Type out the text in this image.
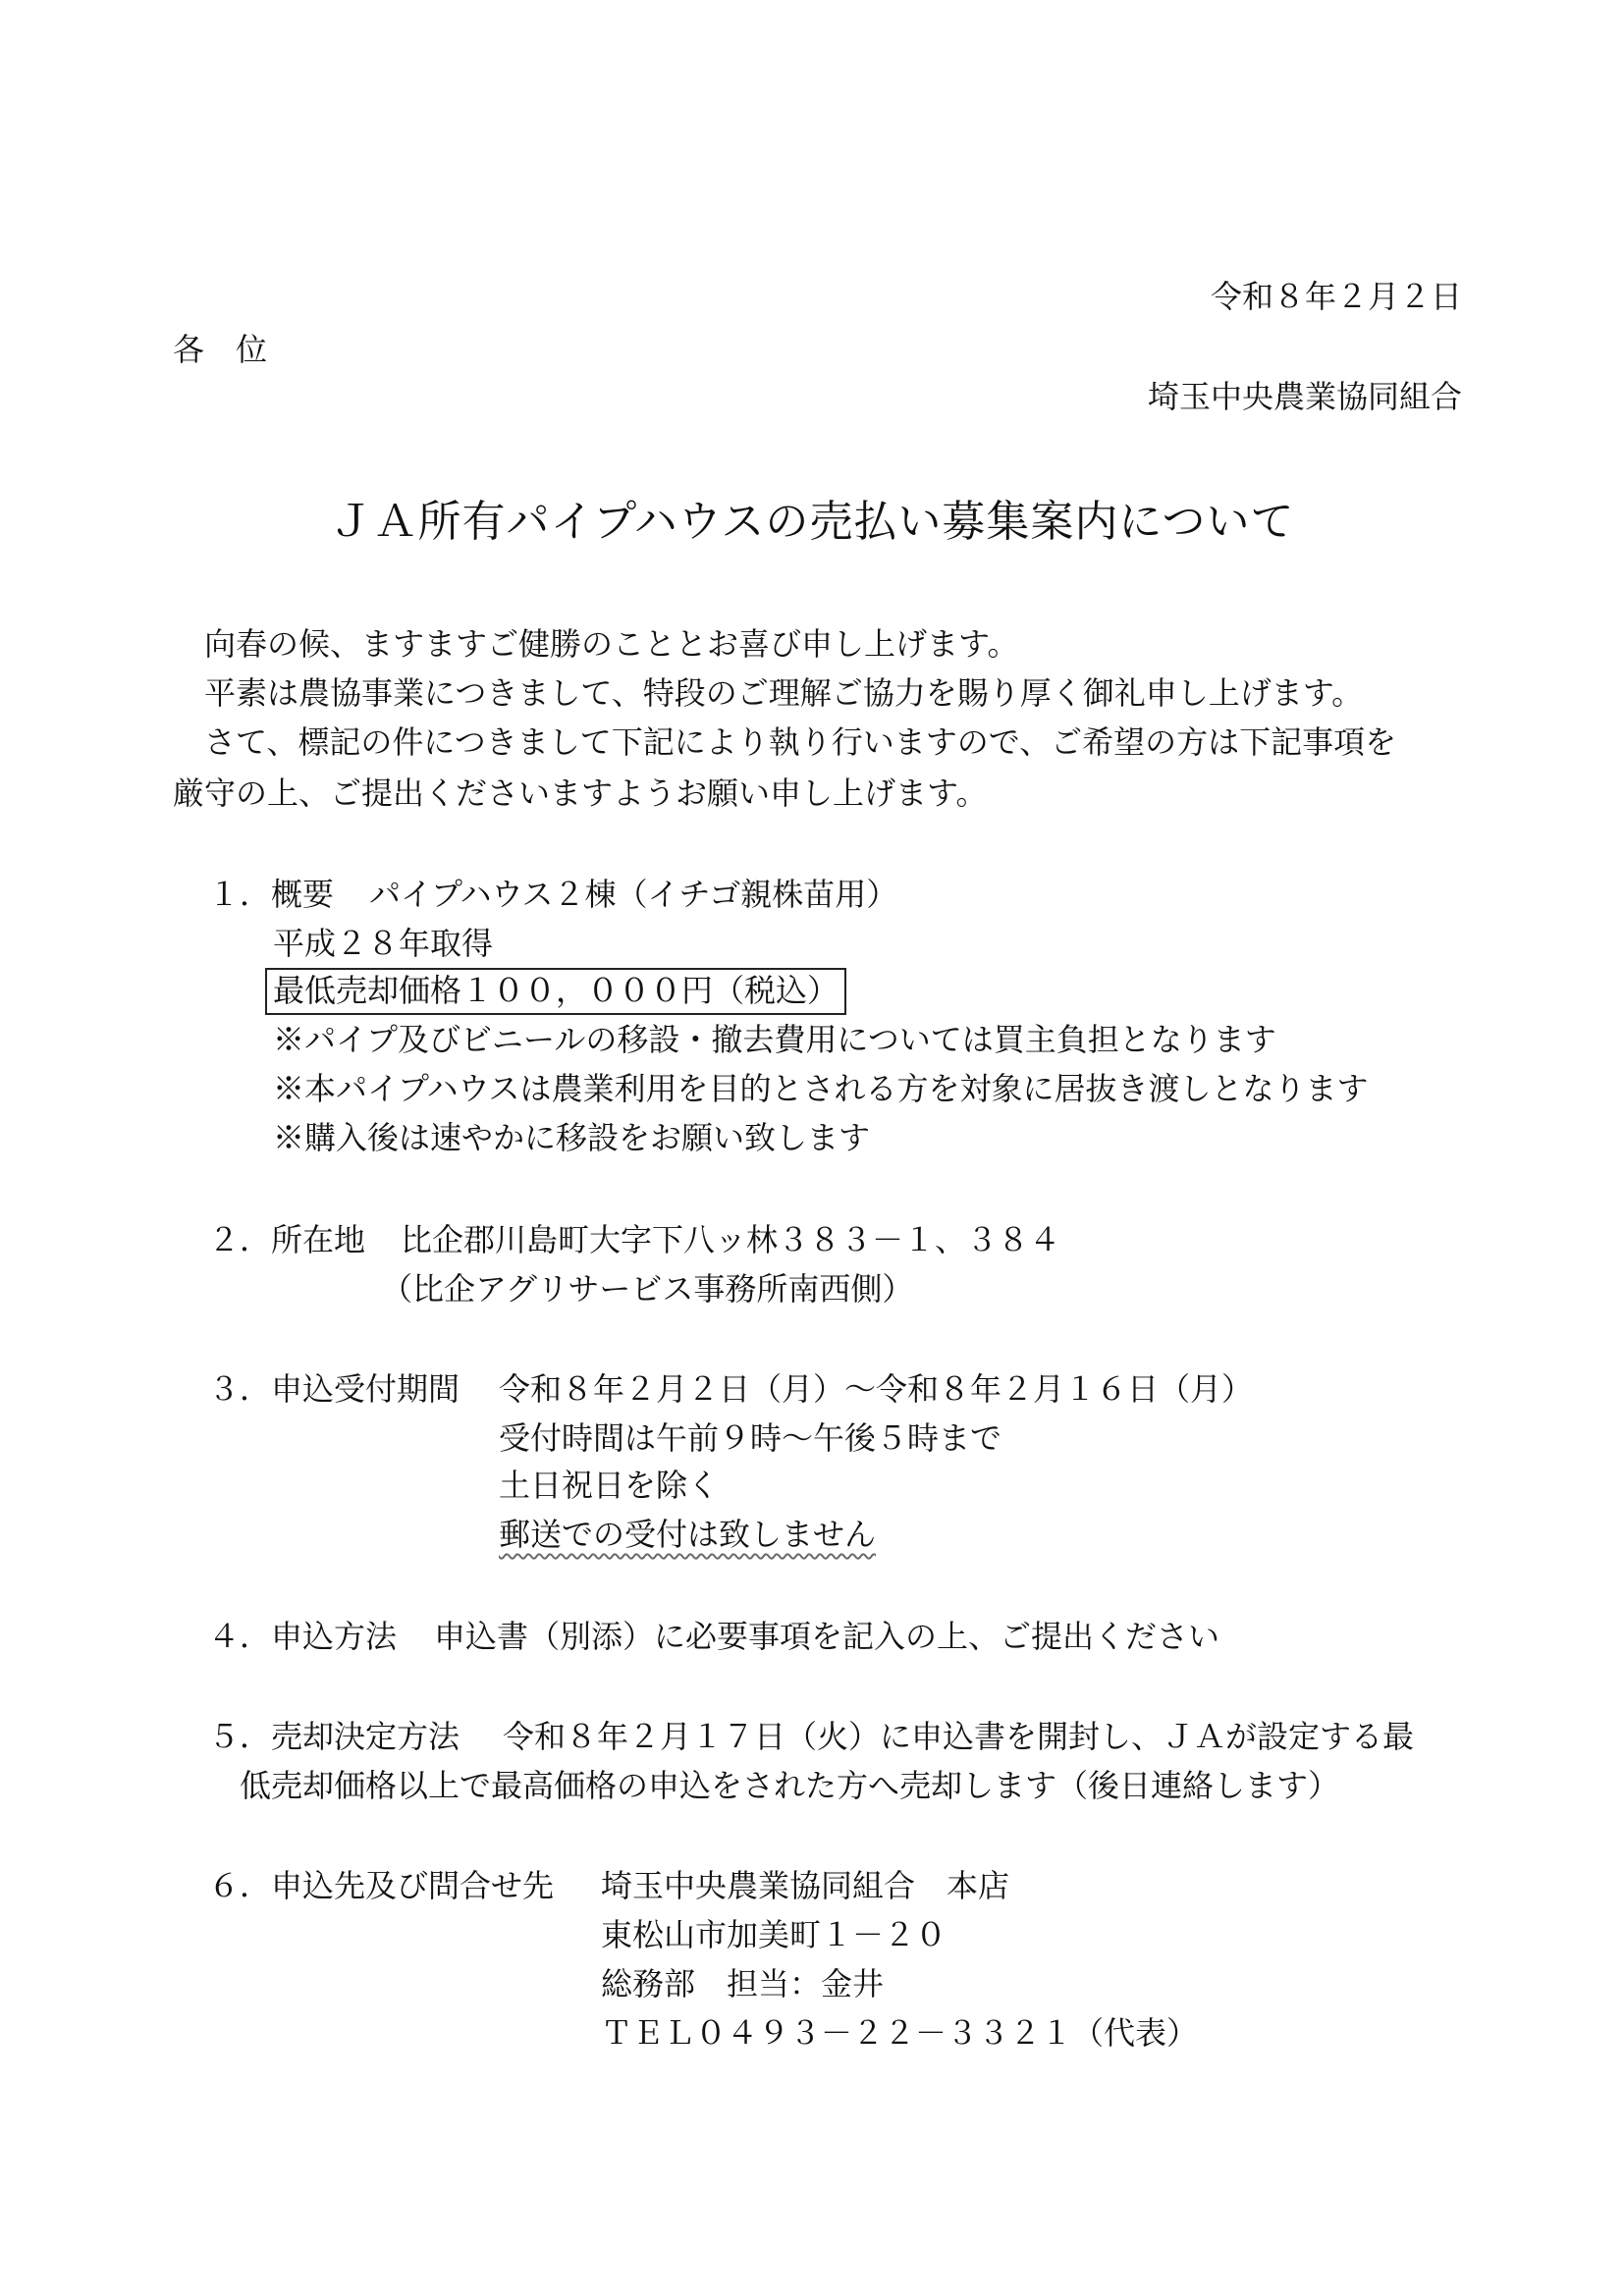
令和８年２月２日
各　位
埼玉中央農業協同組合
ＪＡ所有パイプハウスの売払い募集案内について
向春の候、ますますご健勝のこととお喜び申し上げます。
平素は農協事業につきまして、特段のご理解ご協力を賜り厚く御礼申し上げます。
さて、標記の件につきまして下記により執り行いますので、ご希望の方は下記事項を
厳守の上、ご提出くださいますようお願い申し上げます。
１．概要 パイプハウス２棟（イチゴ親株苗用）
平成２８年取得
最低売却価格１００，０００円（税込）
※パイプ及びビニールの移設・撤去費用については買主負担となります
※本パイプハウスは農業利用を目的とされる方を対象に居抜き渡しとなります
※購入後は速やかに移設をお願い致します
２．所在地 比企郡川島町大字下八ッ林３８３－１、３８４
（比企アグリサービス事務所南西側）
３．申込受付期間 令和８年２月２日（月）～令和８年２月１６日（月）
受付時間は午前９時～午後５時まで
土日祝日を除く
郵送での受付は致しません
４．申込方法 申込書（別添）に必要事項を記入の上、ご提出ください
５．売却決定方法 令和８年２月１７日（火）に申込書を開封し、ＪＡが設定する最
低売却価格以上で最高価格の申込をされた方へ売却します（後日連絡します）
６．申込先及び問合せ先 埼玉中央農業協同組合　本店
東松山市加美町１－２０
総務部　担当：金井
ＴＥＬ０４９３－２２－３３２１（代表）
